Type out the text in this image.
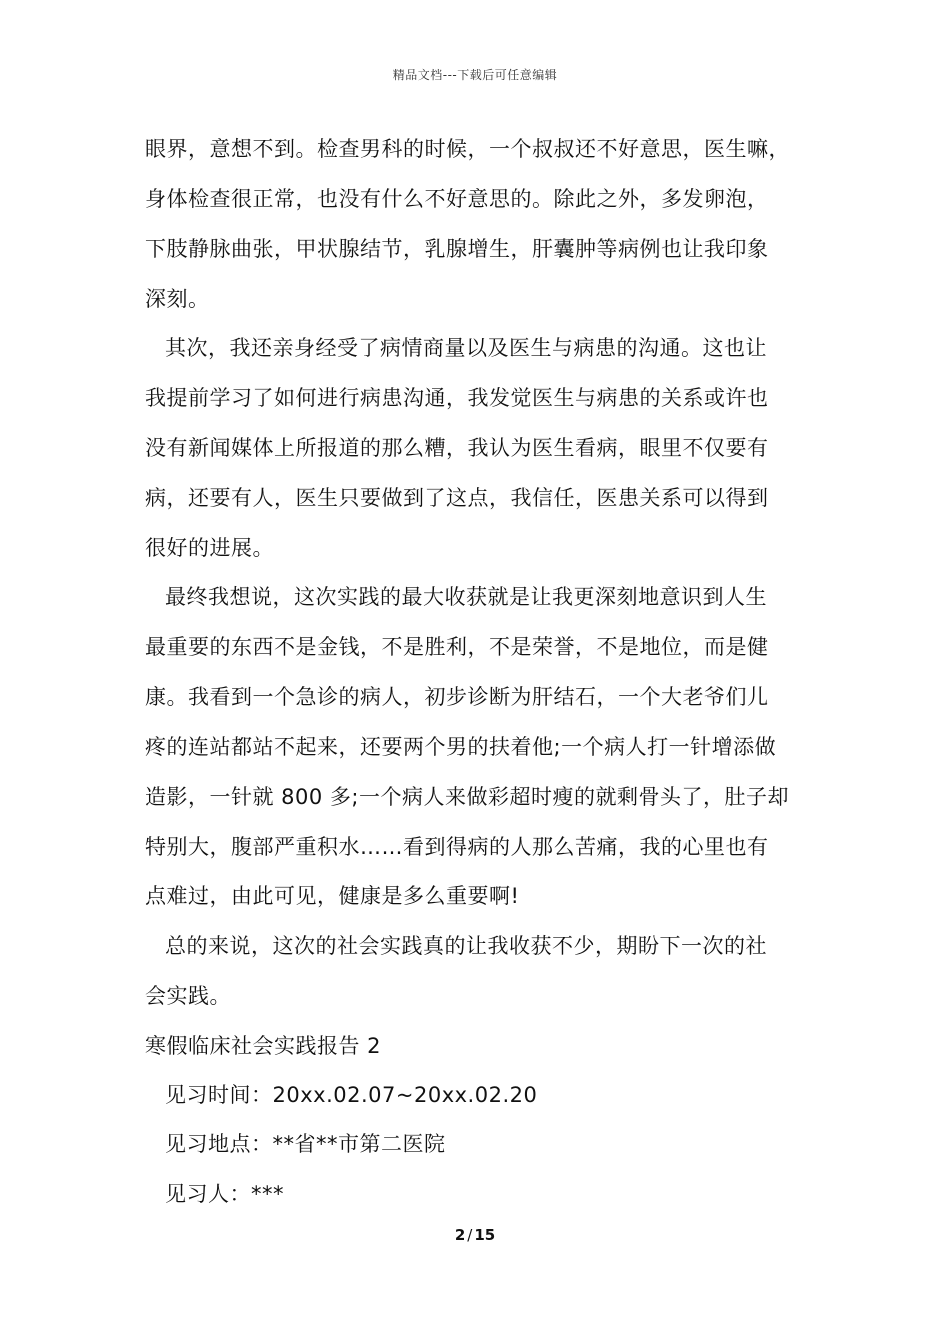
精品文档---下载后可任意编辑
眼界，意想不到。检查男科的时候，一个叔叔还不好意思，医生嘛，
身体检查很正常，也没有什么不好意思的。除此之外，多发卵泡，
下肢静脉曲张，甲状腺结节，乳腺增生，肝囊肿等病例也让我印象
深刻。
其次，我还亲身经受了病情商量以及医生与病患的沟通。这也让
我提前学习了如何进行病患沟通，我发觉医生与病患的关系或许也
没有新闻媒体上所报道的那么糟，我认为医生看病，眼里不仅要有
病，还要有人，医生只要做到了这点，我信任，医患关系可以得到
很好的进展。
最终我想说，这次实践的最大收获就是让我更深刻地意识到人生
最重要的东西不是金钱，不是胜利，不是荣誉，不是地位，而是健
康。我看到一个急诊的病人，初步诊断为肝结石，一个大老爷们儿
疼的连站都站不起来，还要两个男的扶着他;一个病人打一针增添做
造影，一针就 800 多;一个病人来做彩超时瘦的就剩骨头了，肚子却
特别大，腹部严重积水……看到得病的人那么苦痛，我的心里也有
点难过，由此可见，健康是多么重要啊!
总的来说，这次的社会实践真的让我收获不少，期盼下一次的社
会实践。
寒假临床社会实践报告 2
见习时间：20xx.02.07~20xx.02.20
见习地点：**省**市第二医院
见习人：***
2 / 15
